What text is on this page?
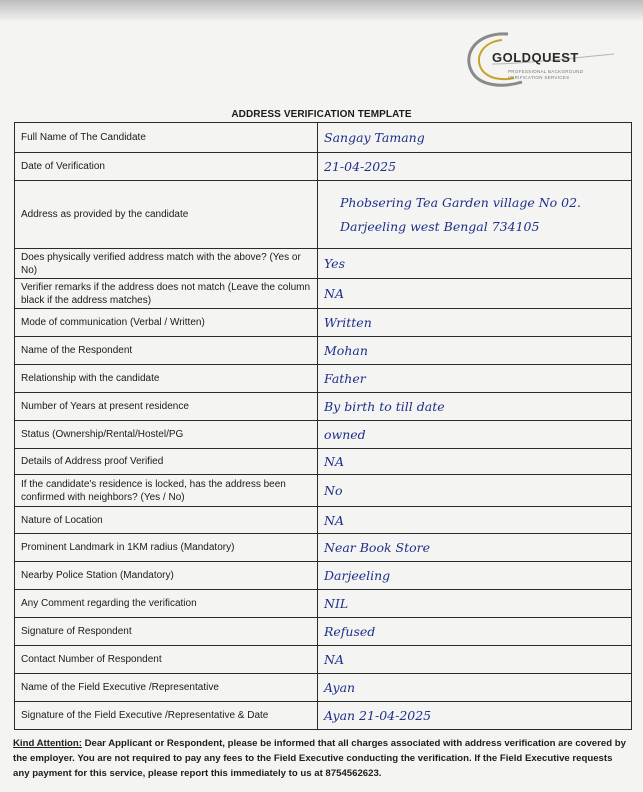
GOLDQUEST
PROFESSIONAL BACKGROUND
VERIFICATION SERVICES
ADDRESS VERIFICATION TEMPLATE
Full Name of The Candidate	Sangay Tamang
Date of Verification	21-04-2025
Address as provided by the candidate	Phobsering Tea Garden village No 02. Darjeeling west Bengal 734105
Does physically verified address match with the above? (Yes or No)	Yes
Verifier remarks if the address does not match (Leave the column black if the address matches)	NA
Mode of communication (Verbal / Written)	Written
Name of the Respondent	Mohan
Relationship with the candidate	Father
Number of Years at present residence	By birth to till date
Status (Ownership/Rental/Hostel/PG	owned
Details of Address proof Verified	NA
If the candidate's residence is locked, has the address been confirmed with neighbors? (Yes / No)	No
Nature of Location	NA
Prominent Landmark in 1KM radius (Mandatory)	Near Book Store
Nearby Police Station (Mandatory)	Darjeeling
Any Comment regarding the verification	NIL
Signature of Respondent	Refused
Contact Number of Respondent	NA
Name of the Field Executive /Representative	Ayan
Signature of the Field Executive /Representative & Date	Ayan 21-04-2025
Kind Attention: Dear Applicant or Respondent, please be informed that all charges associated with address verification are covered by the employer. You are not required to pay any fees to the Field Executive conducting the verification. If the Field Executive requests any payment for this service, please report this immediately to us at 8754562623.
